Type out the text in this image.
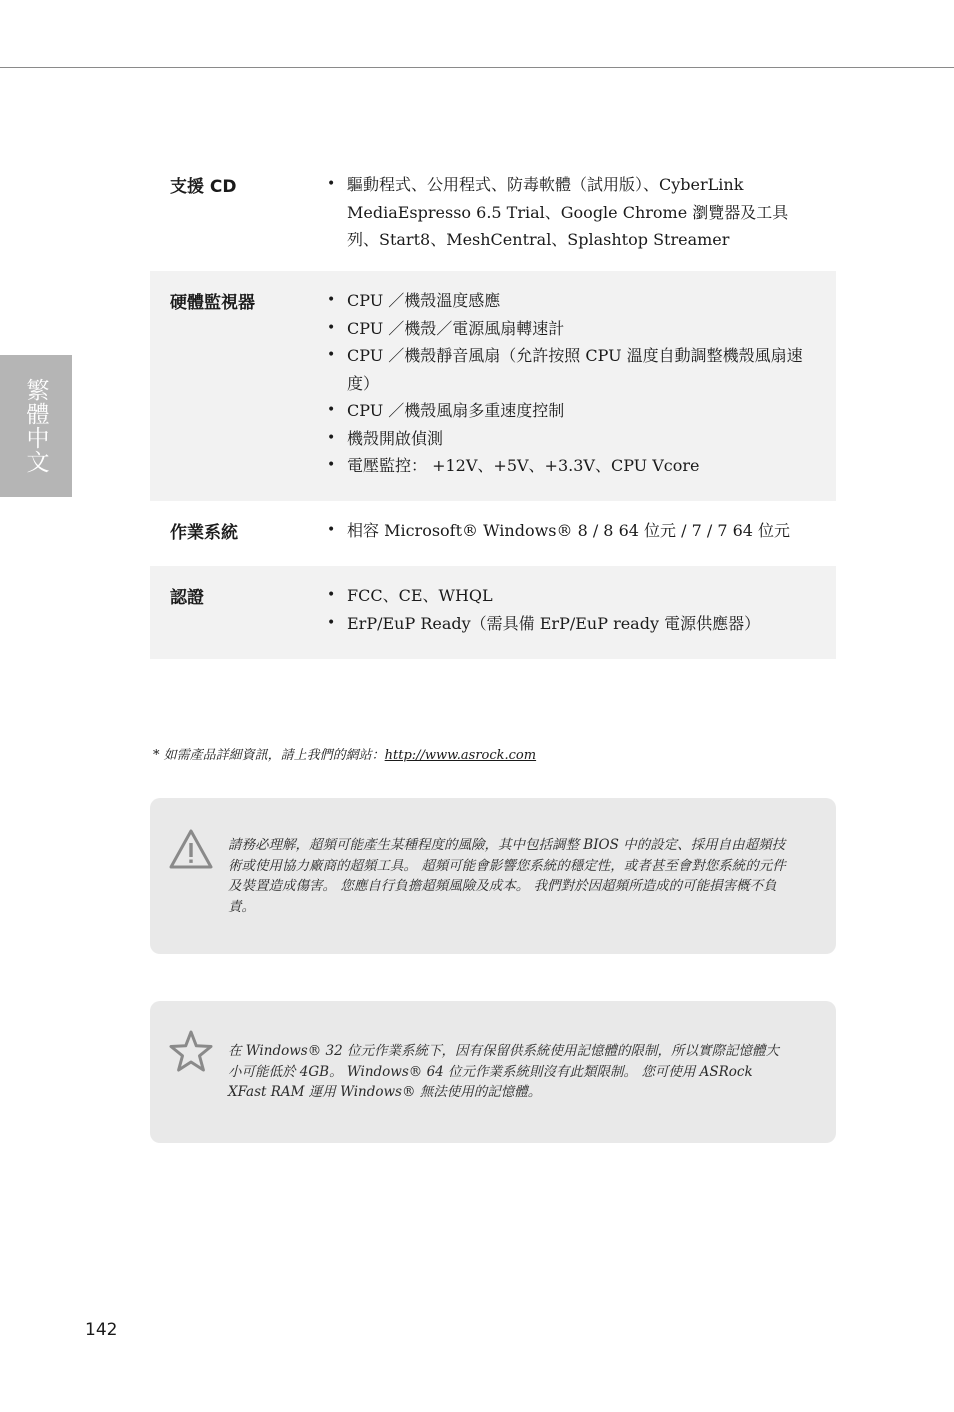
繁體中文
支援 CD	• 驅動程式、公用程式、防毒軟體（試用版）、CyberLink MediaEspresso 6.5 Trial、Google Chrome 瀏覽器及工具列、Start8、MeshCentral、Splashtop Streamer
硬體監視器	• CPU ／機殼溫度感應
• CPU ／機殼／電源風扇轉速計
• CPU ／機殼靜音風扇（允許按照 CPU 溫度自動調整機殼風扇速度）
• CPU ／機殼風扇多重速度控制
• 機殼開啟偵測
• 電壓監控： +12V、+5V、+3.3V、CPU Vcore
作業系統	• 相容 Microsoft® Windows® 8 / 8 64 位元 / 7 / 7 64 位元
認證	• FCC、CE、WHQL
• ErP/EuP Ready（需具備 ErP/EuP ready 電源供應器）
* 如需產品詳細資訊，請上我們的網站：http://www.asrock.com
請務必理解，超頻可能產生某種程度的風險，其中包括調整 BIOS 中的設定、採用自由超頻技術或使用協力廠商的超頻工具。 超頻可能會影響您系統的穩定性，或者甚至會對您系統的元件及裝置造成傷害。 您應自行負擔超頻風險及成本。 我們對於因超頻所造成的可能損害概不負責。
在 Windows® 32 位元作業系統下，因有保留供系統使用記憶體的限制，所以實際記憶體大小可能低於 4GB。 Windows® 64 位元作業系統則沒有此類限制。 您可使用 ASRock XFast RAM 運用 Windows® 無法使用的記憶體。
142
